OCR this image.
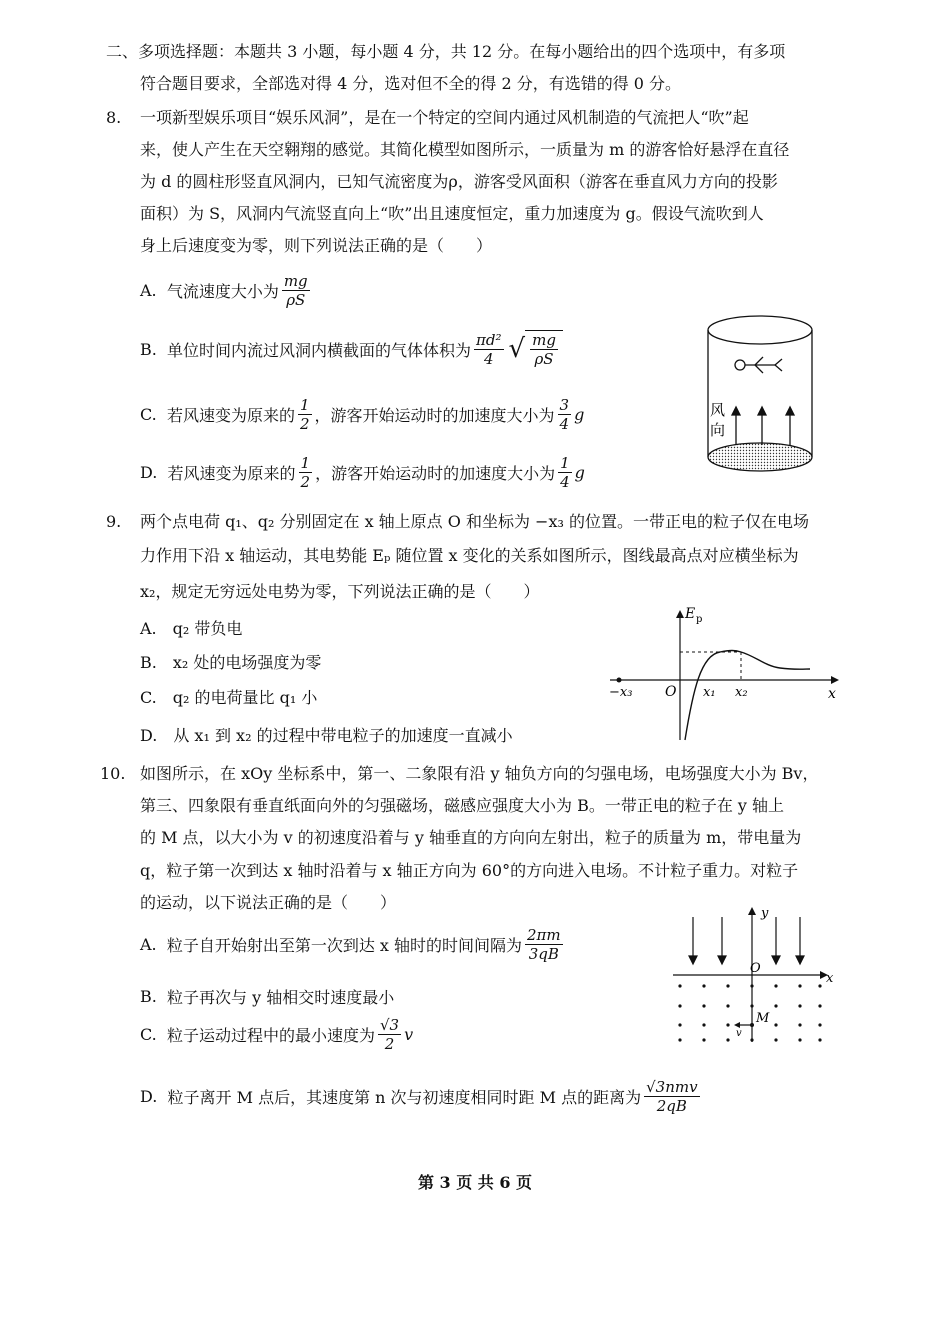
二、多项选择题：本题共 3 小题，每小题 4 分，共 12 分。在每小题给出的四个选项中，有多项
符合题目要求，全部选对得 4 分，选对但不全的得 2 分，有选错的得 0 分。
8. 一项新型娱乐项目“娱乐风洞”，是在一个特定的空间内通过风机制造的气流把人“吹”起
来，使人产生在天空翱翔的感觉。其简化模型如图所示，一质量为 m 的游客恰好悬浮在直径
为 d 的圆柱形竖直风洞内，已知气流密度为ρ，游客受风面积（游客在垂直风力方向的投影
面积）为 S，风洞内气流竖直向上“吹”出且速度恒定，重力加速度为 g。假设气流吹到人
身上后速度变为零，则下列说法正确的是（　　）
A.
气流速度大小为 $\frac{mg}{\rho S}$
B.
单位时间内流过风洞内横截面的气体体积为 $\frac{\text{πd²}}{4}$ √ $\frac{mg}{\rho S}$
C.
若风速变为原来的 $\frac{1}{2}$ ，游客开始运动时的加速度大小为 $\frac{3}{4}$ g
D.
若风速变为原来的 $\frac{1}{2}$ ，游客开始运动时的加速度大小为 $\frac{1}{4}$ g
风
向
9. 两个点电荷 q₁、q₂ 分别固定在 x 轴上原点 O 和坐标为 −x₃ 的位置。一带正电的粒子仅在电场
力作用下沿 x 轴运动，其电势能 Eₚ 随位置 x 变化的关系如图所示，图线最高点对应横坐标为
x₂，规定无穷远处电势为零，下列说法正确的是（　　）
A.　q₂ 带负电
B.　x₂ 处的电场强度为零
C.　q₂ 的电荷量比 q₁ 小
D.　从 x₁ 到 x₂ 的过程中带电粒子的加速度一直减小
E p
x
O x₁ x₂
−x₃
10. 如图所示，在 xOy 坐标系中，第一、二象限有沿 y 轴负方向的匀强电场，电场强度大小为 Bv，
第三、四象限有垂直纸面向外的匀强磁场，磁感应强度大小为 B。一带正电的粒子在 y 轴上
的 M 点，以大小为 v 的初速度沿着与 y 轴垂直的方向向左射出，粒子的质量为 m，带电量为
q，粒子第一次到达 x 轴时沿着与 x 轴正方向为 60°的方向进入电场。不计粒子重力。对粒子
的运动，以下说法正确的是（　　）
A.
粒子自开始射出至第一次到达 x 轴时的时间间隔为 $\frac{2\pi m}{3qB}$
B.
粒子再次与 y 轴相交时速度最小
C.
粒子运动过程中的最小速度为 $\frac{√3}{2}$ v
D.
粒子离开 M 点后，其速度第 n 次与初速度相同时距 M 点的距离为 $\frac{\text{√3nmv}}{2qB}$
y
x
O
M
v
第 3 页 共 6 页
